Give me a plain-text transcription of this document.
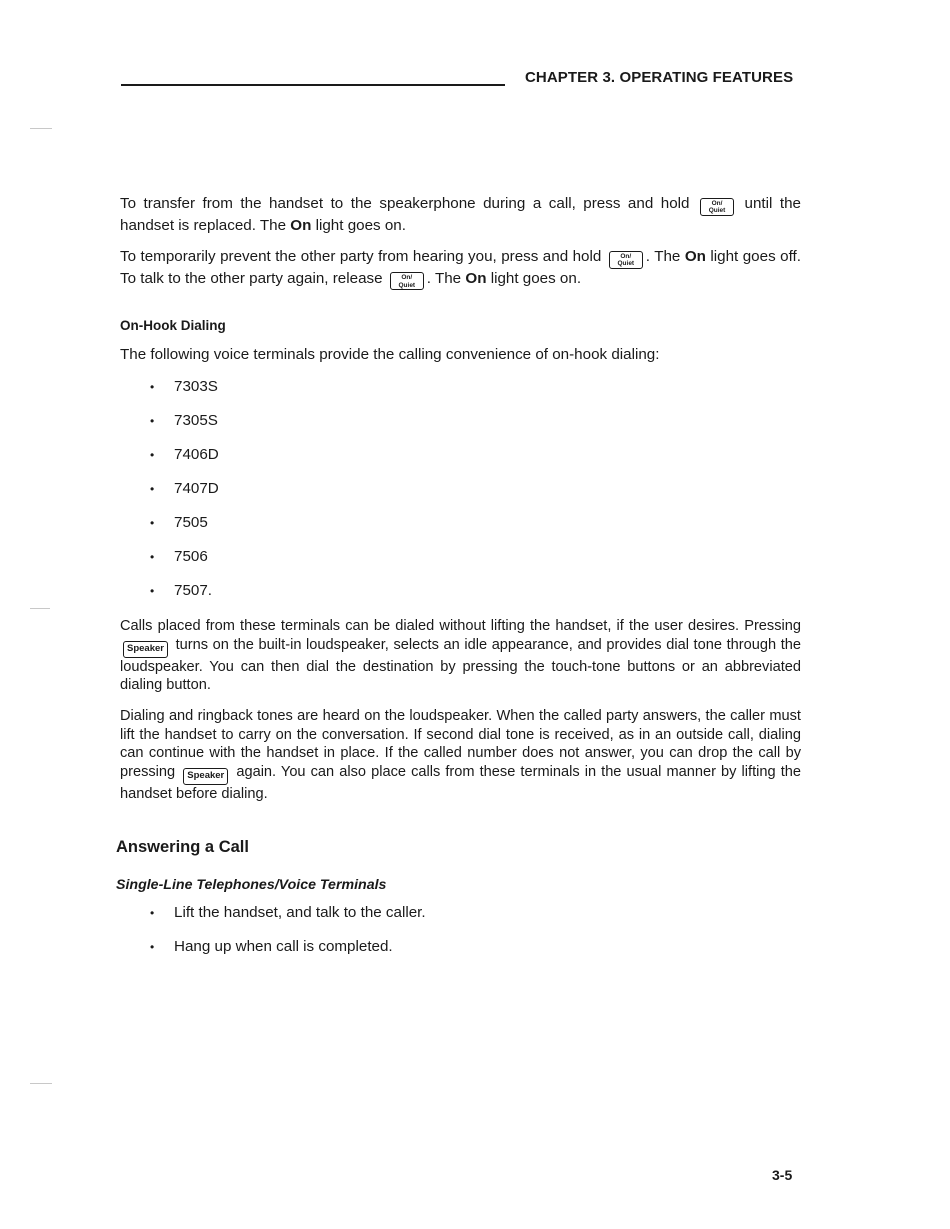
CHAPTER 3. OPERATING FEATURES

To transfer from the handset to the speakerphone during a call, press and hold	On/
Quiet	until the handset is replaced. The On light goes on.

To temporarily prevent the other party from hearing you, press and hold	On/
Quiet . The On light goes off. To talk to the other party again, release	On/
Quiet . The On light goes on.

On-Hook Dialing

The following voice terminals provide the calling convenience of on-hook dialing:

• 7303S
• 7305S
• 7406D
• 7407D
• 7505
• 7506
• 7507.

Calls placed from these terminals can be dialed without lifting the handset, if the user desires. Pressing Speaker turns on the built-in loudspeaker, selects an idle appearance, and provides dial tone through the loudspeaker. You can then dial the destination by pressing the touch-tone buttons or an abbreviated dialing button.

Dialing and ringback tones are heard on the loudspeaker. When the called party answers, the caller must lift the handset to carry on the conversation. If second dial tone is received, as in an outside call, dialing can continue with the handset in place. If the called number does not answer, you can drop the call by pressing Speaker again. You can also place calls from these terminals in the usual manner by lifting the handset before dialing.

Answering a Call
Single-Line Telephones/Voice Terminals
• Lift the handset, and talk to the caller.
• Hang up when call is completed.
3-5
